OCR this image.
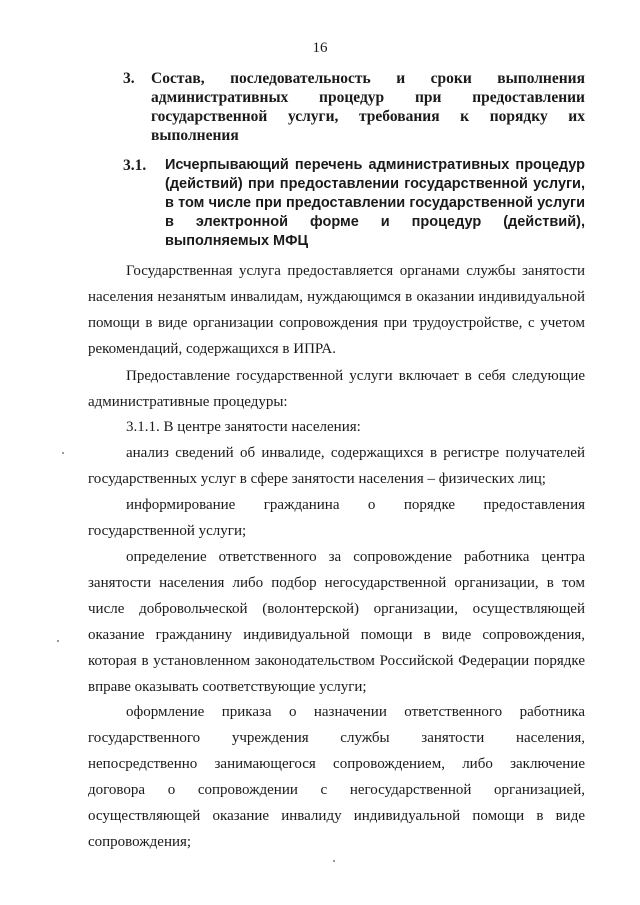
16
3. Состав, последовательность и сроки выполнения административных процедур при предоставлении государственной услуги, требования к порядку их выполнения
3.1. Исчерпывающий перечень административных процедур (действий) при предоставлении государственной услуги, в том числе при предоставлении государственной услуги в электронной форме и процедур (действий), выполняемых МФЦ
Государственная услуга предоставляется органами службы занятости населения незанятым инвалидам, нуждающимся в оказании индивидуальной помощи в виде организации сопровождения при трудоустройстве, с учетом рекомендаций, содержащихся в ИПРА.
Предоставление государственной услуги включает в себя следующие административные процедуры:
3.1.1. В центре занятости населения:
анализ сведений об инвалиде, содержащихся в регистре получателей государственных услуг в сфере занятости населения – физических лиц;
информирование гражданина о порядке предоставления государственной услуги;
определение ответственного за сопровождение работника центра занятости населения либо подбор негосударственной организации, в том числе добровольческой (волонтерской) организации, осуществляющей оказание гражданину индивидуальной помощи в виде сопровождения, которая в установленном законодательством Российской Федерации порядке вправе оказывать соответствующие услуги;
оформление приказа о назначении ответственного работника государственного учреждения службы занятости населения, непосредственно занимающегося сопровождением, либо заключение договора о сопровождении с негосударственной организацией, осуществляющей оказание инвалиду индивидуальной помощи в виде сопровождения;
